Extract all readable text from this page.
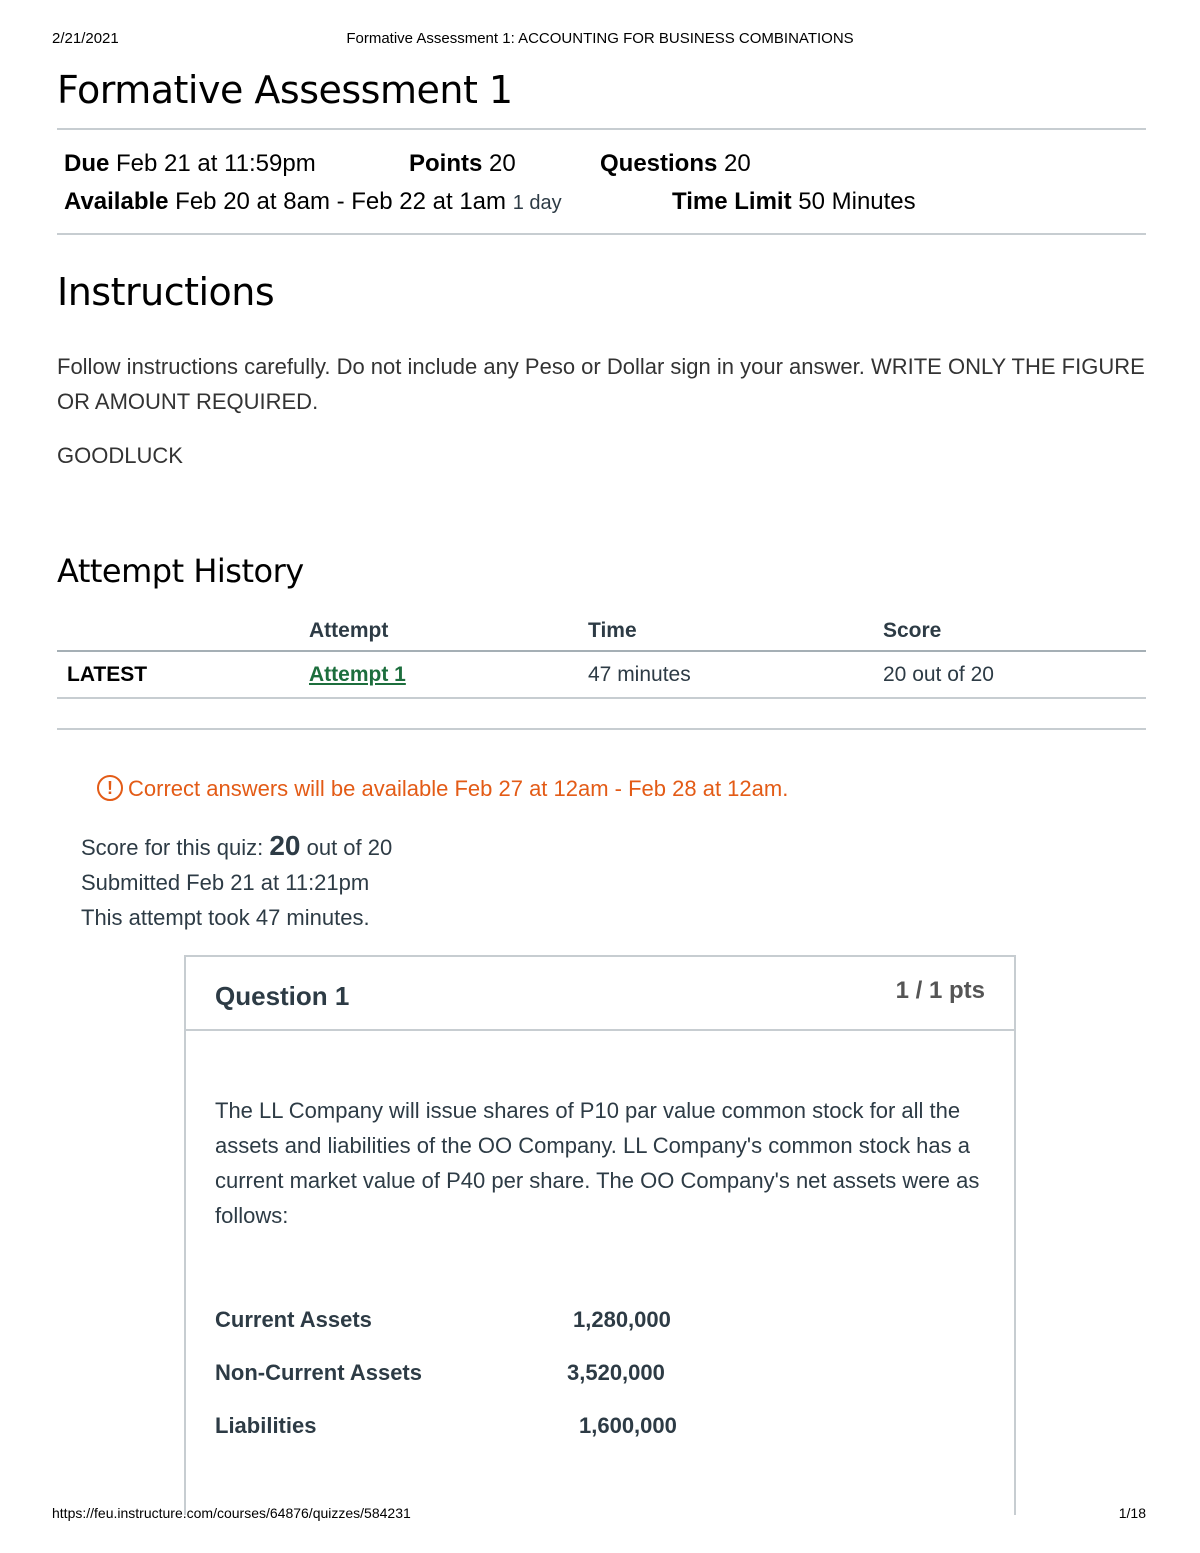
2/21/2021	Formative Assessment 1: ACCOUNTING FOR BUSINESS COMBINATIONS
Formative Assessment 1
Due Feb 21 at 11:59pm	Points 20	Questions 20
Available Feb 20 at 8am - Feb 22 at 1am 1 day	Time Limit 50 Minutes
Instructions
Follow instructions carefully. Do not include any Peso or Dollar sign in your answer. WRITE ONLY THE FIGURE OR AMOUNT REQUIRED.
GOODLUCK
Attempt History
	Attempt	Time	Score
LATEST	Attempt 1	47 minutes	20 out of 20
! Correct answers will be available Feb 27 at 12am - Feb 28 at 12am.
Score for this quiz: 20 out of 20
Submitted Feb 21 at 11:21pm
This attempt took 47 minutes.
Question 1	1 / 1 pts
The LL Company will issue shares of P10 par value common stock for all the assets and liabilities of the OO Company. LL Company's common stock has a current market value of P40 per share. The OO Company's net assets were as follows:
Current Assets	1,280,000
Non-Current Assets	3,520,000
Liabilities	1,600,000
https://feu.instructure.com/courses/64876/quizzes/584231	1/18
